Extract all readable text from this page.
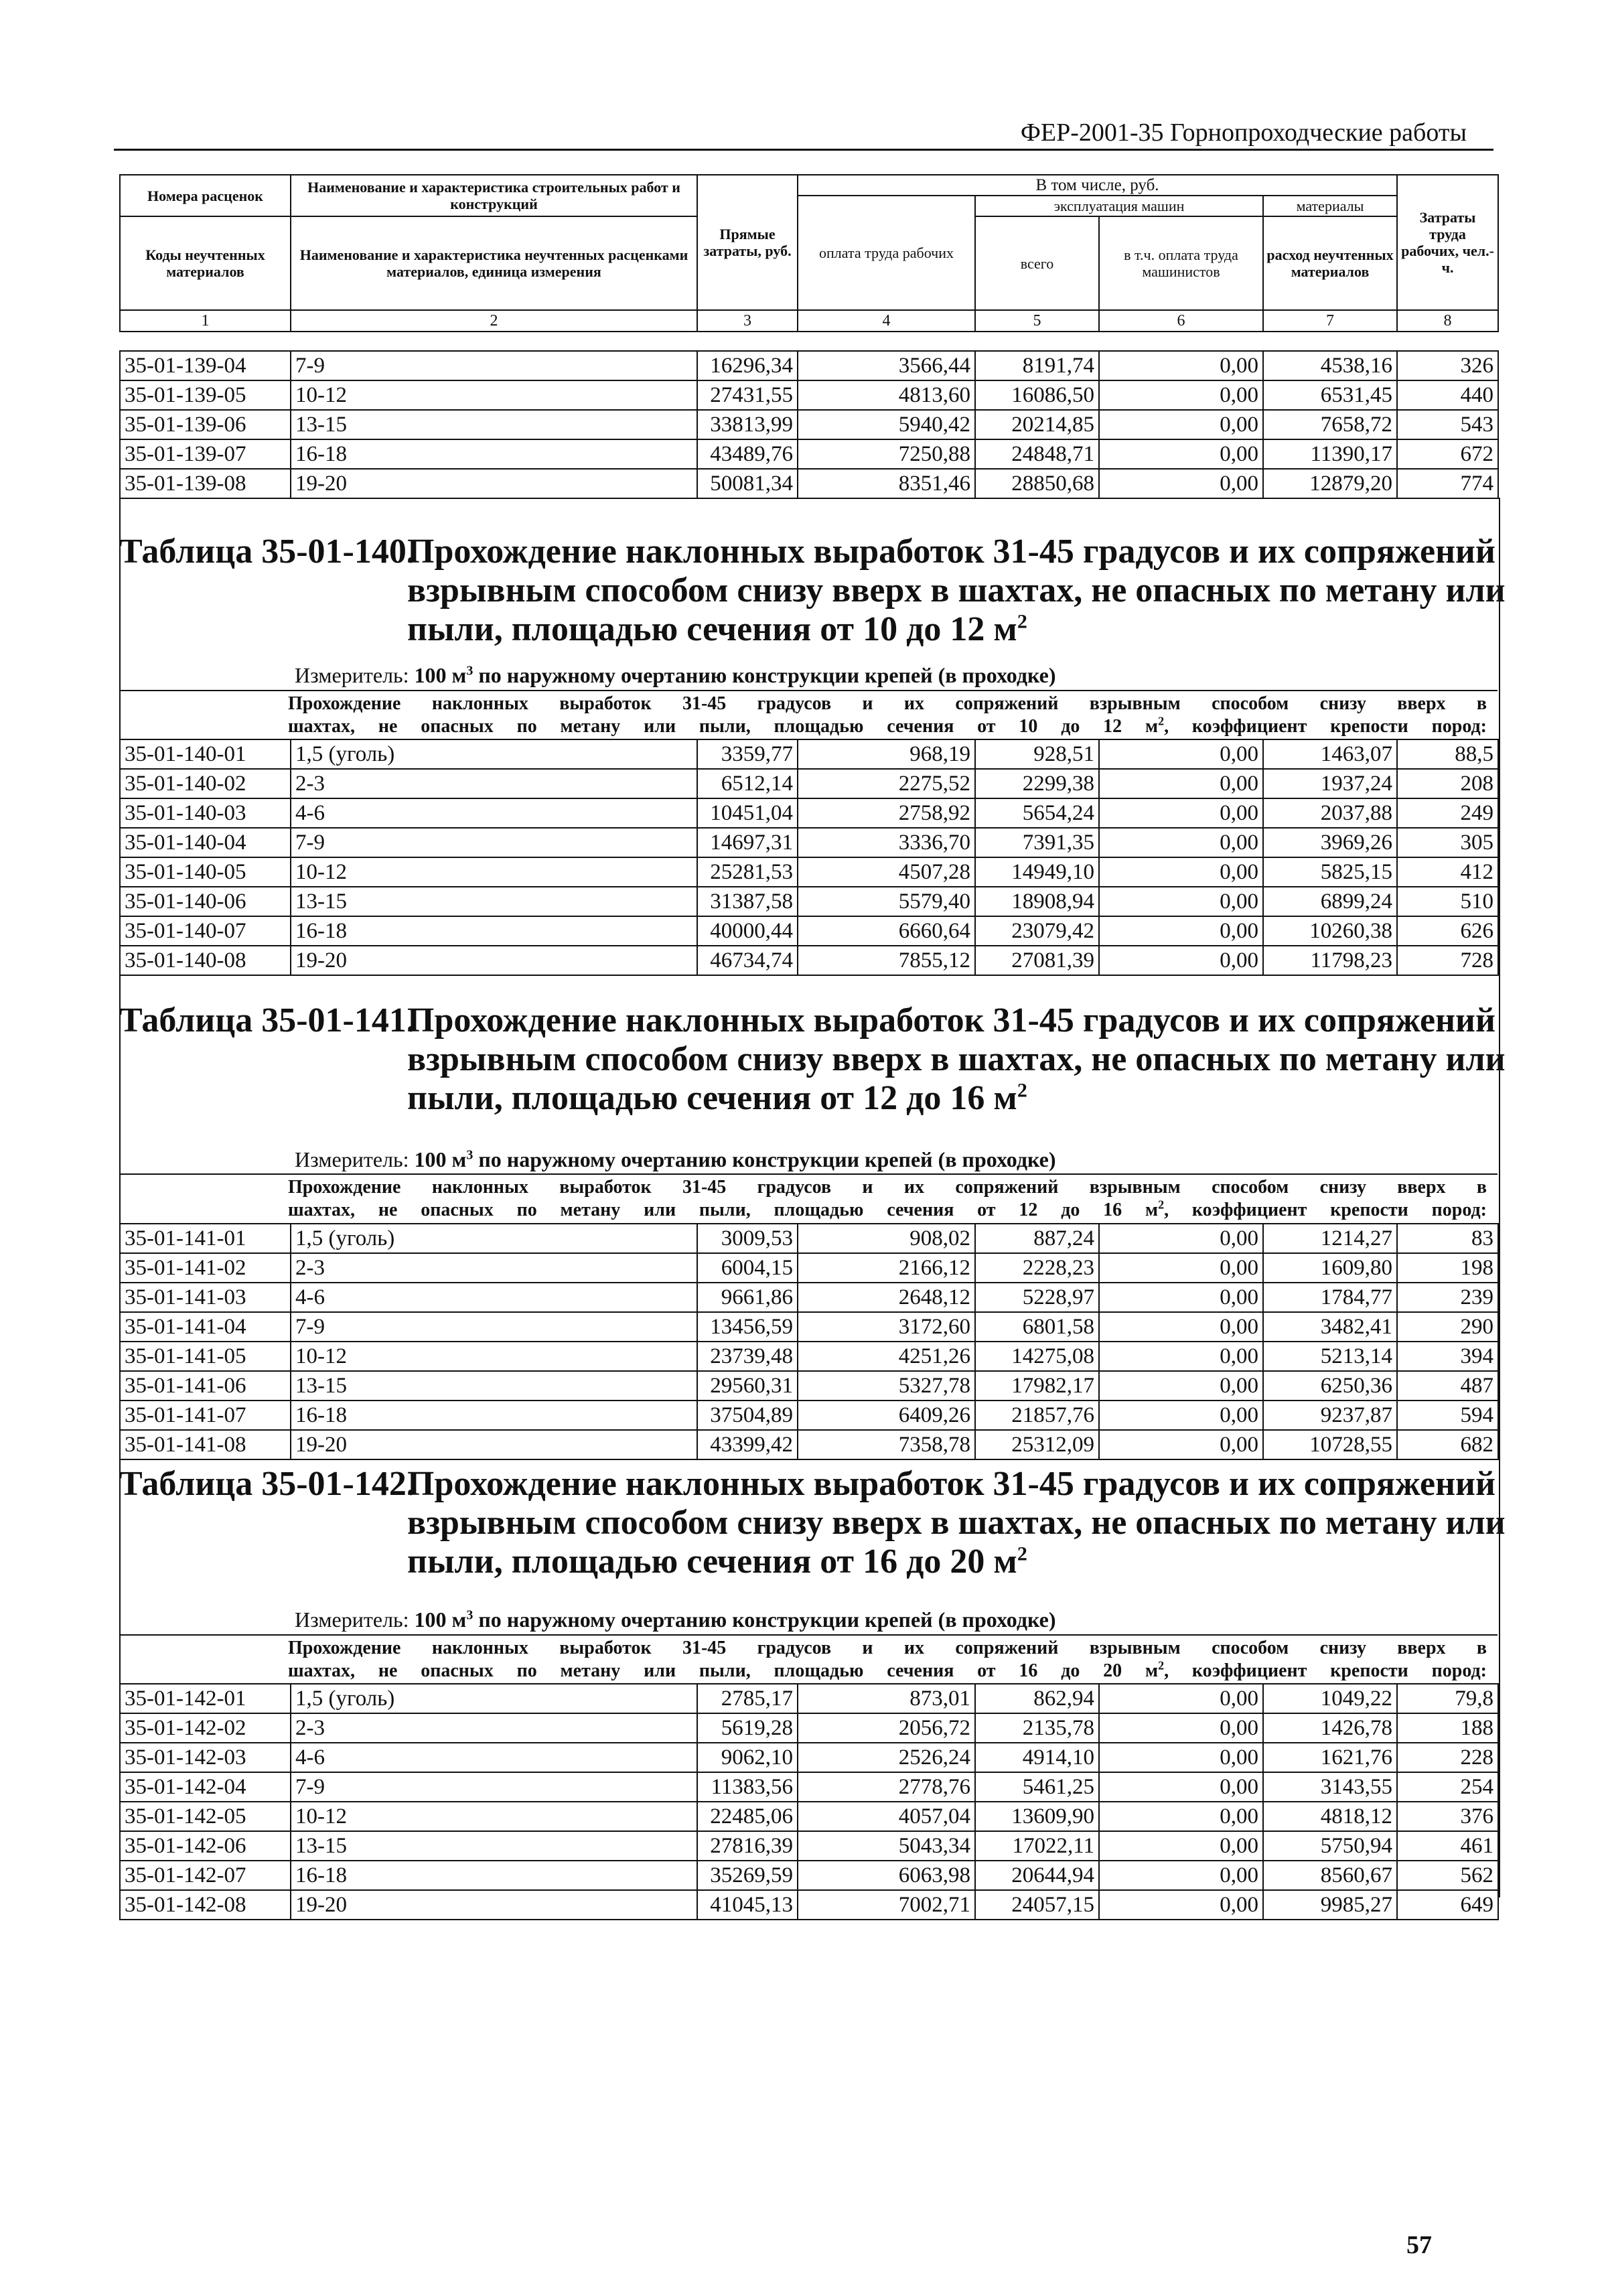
ФЕР-2001-35 Горнопроходческие работы
Номера расценок	Наименование и характеристика строительных работ и конструкций	Прямые затраты, руб.	В том числе, руб.				Затраты труда рабочих, чел.-ч.
			оплата труда рабочих	эксплуатация машин		материалы	
Коды неучтенных материалов	Наименование и характеристика неучтенных расценками материалов, единица измерения			всего	в т.ч. оплата труда машинистов	расход неучтенных материалов	
1	2	3	4	5	6	7	8
35-01-139-04	7-9	16296,34	3566,44	8191,74	0,00	4538,16	326
35-01-139-05	10-12	27431,55	4813,60	16086,50	0,00	6531,45	440
35-01-139-06	13-15	33813,99	5940,42	20214,85	0,00	7658,72	543
35-01-139-07	16-18	43489,76	7250,88	24848,71	0,00	11390,17	672
35-01-139-08	19-20	50081,34	8351,46	28850,68	0,00	12879,20	774
Таблица 35-01-140.
Прохождение наклонных выработок 31-45 градусов и их сопряжений взрывным способом снизу вверх в шахтах, не опасных по метану или пыли, площадью сечения от 10 до 12 $м^2$
Измеритель: 100 $м^3$ по наружному очертанию конструкции крепей (в проходке)
Прохождение наклонных выработок 31-45 градусов и их сопряжений взрывным способом снизу вверх в
шахтах, не опасных по метану или пыли, площадью сечения от 10 до 12 $м^2$, коэффициент крепости пород:
35-01-140-01	1,5 (уголь)	3359,77	968,19	928,51	0,00	1463,07	88,5
35-01-140-02	2-3	6512,14	2275,52	2299,38	0,00	1937,24	208
35-01-140-03	4-6	10451,04	2758,92	5654,24	0,00	2037,88	249
35-01-140-04	7-9	14697,31	3336,70	7391,35	0,00	3969,26	305
35-01-140-05	10-12	25281,53	4507,28	14949,10	0,00	5825,15	412
35-01-140-06	13-15	31387,58	5579,40	18908,94	0,00	6899,24	510
35-01-140-07	16-18	40000,44	6660,64	23079,42	0,00	10260,38	626
35-01-140-08	19-20	46734,74	7855,12	27081,39	0,00	11798,23	728
Таблица 35-01-141.
Прохождение наклонных выработок 31-45 градусов и их сопряжений взрывным способом снизу вверх в шахтах, не опасных по метану или пыли, площадью сечения от 12 до 16 $м^2$
Измеритель: 100 $м^3$ по наружному очертанию конструкции крепей (в проходке)
Прохождение наклонных выработок 31-45 градусов и их сопряжений взрывным способом снизу вверх в
шахтах, не опасных по метану или пыли, площадью сечения от 12 до 16 $м^2$, коэффициент крепости пород:
35-01-141-01	1,5 (уголь)	3009,53	908,02	887,24	0,00	1214,27	83
35-01-141-02	2-3	6004,15	2166,12	2228,23	0,00	1609,80	198
35-01-141-03	4-6	9661,86	2648,12	5228,97	0,00	1784,77	239
35-01-141-04	7-9	13456,59	3172,60	6801,58	0,00	3482,41	290
35-01-141-05	10-12	23739,48	4251,26	14275,08	0,00	5213,14	394
35-01-141-06	13-15	29560,31	5327,78	17982,17	0,00	6250,36	487
35-01-141-07	16-18	37504,89	6409,26	21857,76	0,00	9237,87	594
35-01-141-08	19-20	43399,42	7358,78	25312,09	0,00	10728,55	682
Таблица 35-01-142.
Прохождение наклонных выработок 31-45 градусов и их сопряжений взрывным способом снизу вверх в шахтах, не опасных по метану или пыли, площадью сечения от 16 до 20 $м^2$
Измеритель: 100 $м^3$ по наружному очертанию конструкции крепей (в проходке)
Прохождение наклонных выработок 31-45 градусов и их сопряжений взрывным способом снизу вверх в
шахтах, не опасных по метану или пыли, площадью сечения от 16 до 20 $м^2$, коэффициент крепости пород:
35-01-142-01	1,5 (уголь)	2785,17	873,01	862,94	0,00	1049,22	79,8
35-01-142-02	2-3	5619,28	2056,72	2135,78	0,00	1426,78	188
35-01-142-03	4-6	9062,10	2526,24	4914,10	0,00	1621,76	228
35-01-142-04	7-9	11383,56	2778,76	5461,25	0,00	3143,55	254
35-01-142-05	10-12	22485,06	4057,04	13609,90	0,00	4818,12	376
35-01-142-06	13-15	27816,39	5043,34	17022,11	0,00	5750,94	461
35-01-142-07	16-18	35269,59	6063,98	20644,94	0,00	8560,67	562
35-01-142-08	19-20	41045,13	7002,71	24057,15	0,00	9985,27	649
57
